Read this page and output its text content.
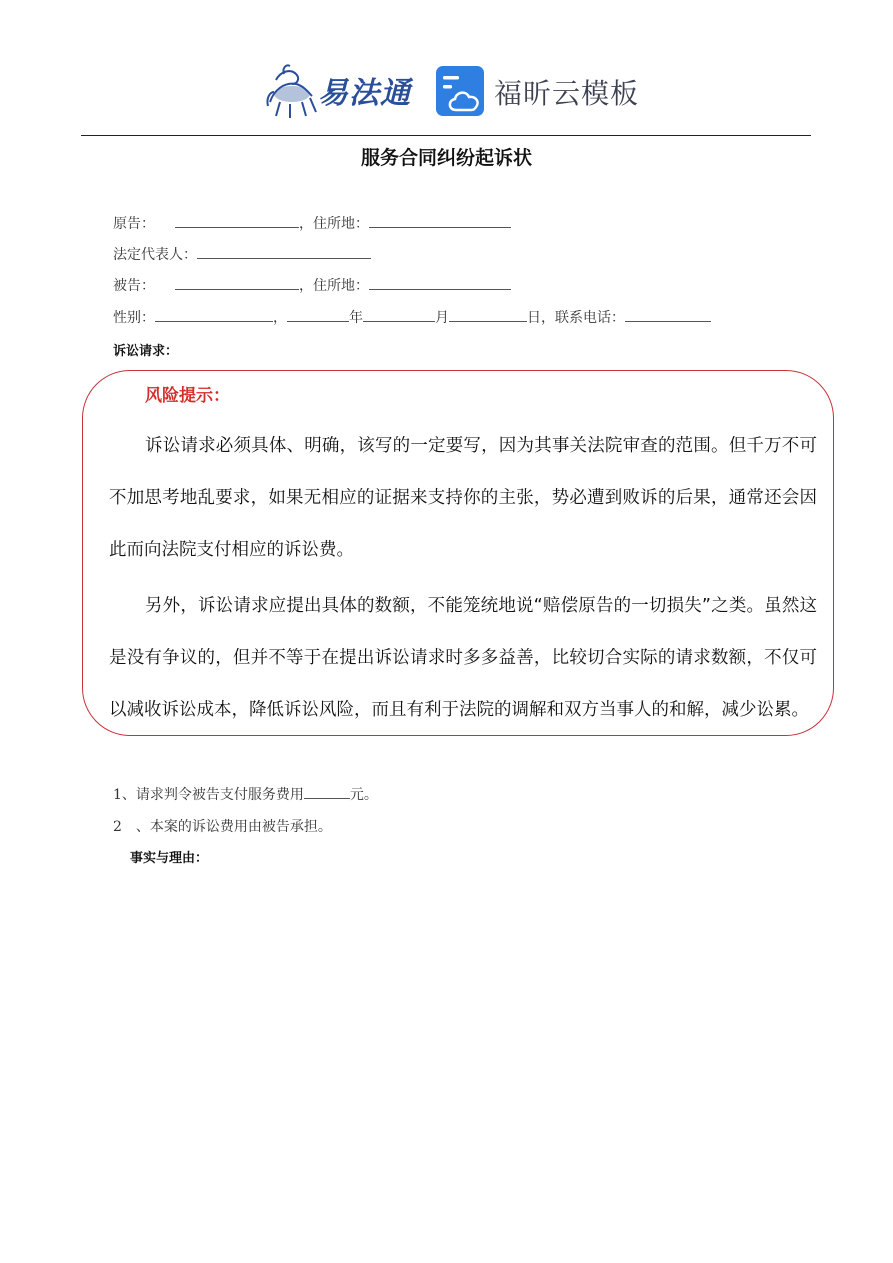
易法通	福昕云模板
服务合同纠纷起诉状
原告：	，住所地：
法定代表人：
被告：	，住所地：
性别：	，	年	月	日，联系电话：
诉讼请求：
风险提示：

诉讼请求必须具体、明确，该写的一定要写，因为其事关法院审查的范围。但千万不可不加思考地乱要求，如果无相应的证据来支持你的主张，势必遭到败诉的后果，通常还会因此而向法院支付相应的诉讼费。

另外，诉讼请求应提出具体的数额，不能笼统地说“赔偿原告的一切损失”之类。虽然这是没有争议的，但并不等于在提出诉讼请求时多多益善，比较切合实际的请求数额，不仅可以减收诉讼成本，降低诉讼风险，而且有利于法院的调解和双方当事人的和解，减少讼累。

1、请求判令被告支付服务费用	元。
2　、本案的诉讼费用由被告承担。
事实与理由：
